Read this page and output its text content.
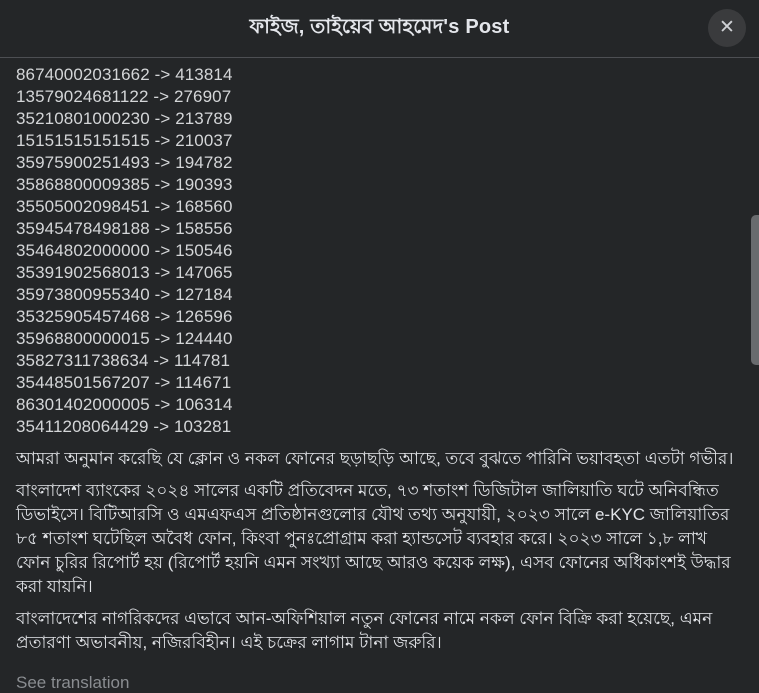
ফাইজ, তাইয়েব আহমেদ's Post	✕
86740002031662 -> 413814
13579024681122 -> 276907
35210801000230 -> 213789
15151515151515 -> 210037
35975900251493 -> 194782
35868800009385 -> 190393
35505002098451 -> 168560
35945478498188 -> 158556
35464802000000 -> 150546
35391902568013 -> 147065
35973800955340 -> 127184
35325905457468 -> 126596
35968800000015 -> 124440
35827311738634 -> 114781
35448501567207 -> 114671
86301402000005 -> 106314
35411208064429 -> 103281

আমরা অনুমান করেছি যে ক্লোন ও নকল ফোনের ছড়াছড়ি আছে, তবে বুঝতে পারিনি ভয়াবহতা এতটা গভীর।

বাংলাদেশ ব্যাংকের ২০২৪ সালের একটি প্রতিবেদন মতে, ৭৩ শতাংশ ডিজিটাল জালিয়াতি ঘটে অনিবন্ধিত ডিভাইসে। বিটিআরসি ও এমএফএস প্রতিষ্ঠানগুলোর যৌথ তথ্য অনুযায়ী, ২০২৩ সালে e-KYC জালিয়াতির ৮৫ শতাংশ ঘটেছিল অবৈধ ফোন, কিংবা পুনঃপ্রোগ্রাম করা হ্যান্ডসেট ব্যবহার করে। ২০২৩ সালে ১,৮ লাখ ফোন চুরির রিপোর্ট হয় (রিপোর্ট হয়নি এমন সংখ্যা আছে আরও কয়েক লক্ষ), এসব ফোনের অধিকাংশই উদ্ধার করা যায়নি।

বাংলাদেশের নাগরিকদের এভাবে আন-অফিশিয়াল নতুন ফোনের নামে নকল ফোন বিক্রি করা হয়েছে, এমন প্রতারণা অভাবনীয়, নজিরবিহীন। এই চক্রের লাগাম টানা জরুরি।

See translation
